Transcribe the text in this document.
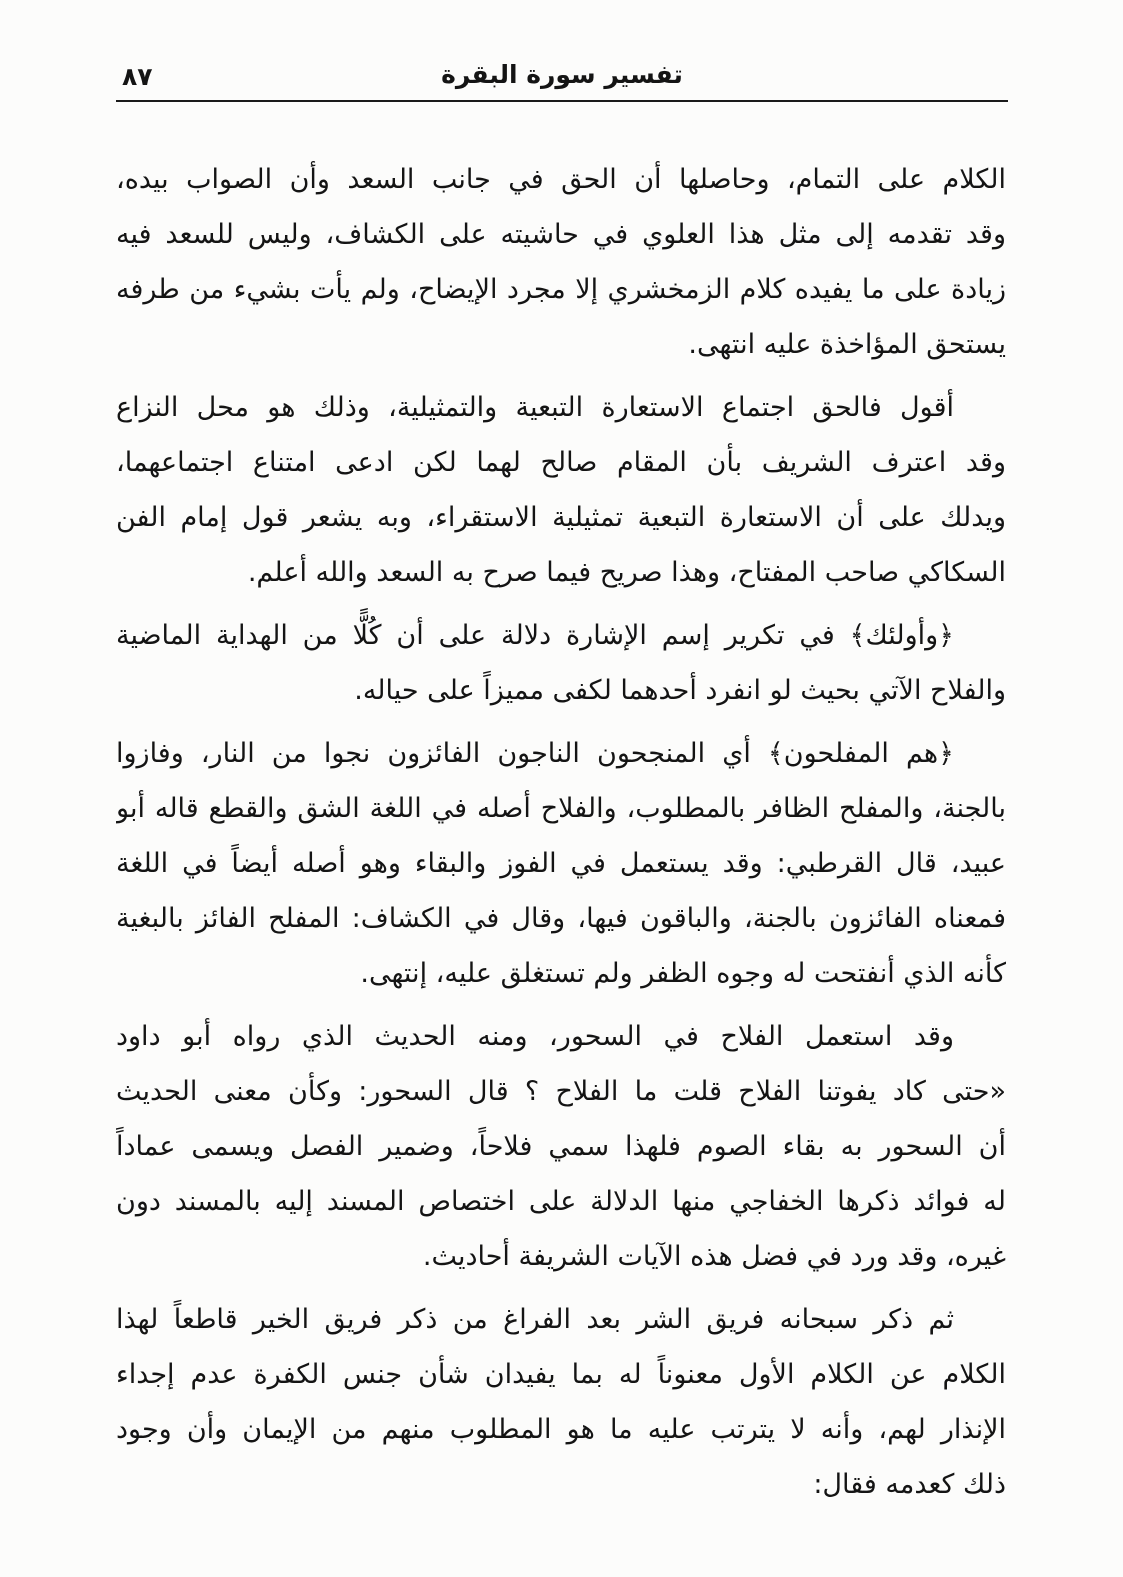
٨٧	تفسير سورة البقرة
الكلام على التمام، وحاصلها أن الحق في جانب السعد وأن الصواب بيده،
وقد تقدمه إلى مثل هذا العلوي في حاشيته على الكشاف، وليس للسعد فيه
زيادة على ما يفيده كلام الزمخشري إلا مجرد الإيضاح، ولم يأت بشيء من طرفه
يستحق المؤاخذة عليه انتهى.
أقول فالحق اجتماع الاستعارة التبعية والتمثيلية، وذلك هو محل النزاع
وقد اعترف الشريف بأن المقام صالح لهما لكن ادعى امتناع اجتماعهما،
ويدلك على أن الاستعارة التبعية تمثيلية الاستقراء، وبه يشعر قول إمام الفن
السكاكي صاحب المفتاح، وهذا صريح فيما صرح به السعد والله أعلم.
﴿وأولئك﴾ في تكرير إسم الإشارة دلالة على أن كُلًّا من الهداية الماضية
والفلاح الآتي بحيث لو انفرد أحدهما لكفى مميزاً على حياله.
﴿هم المفلحون﴾ أي المنجحون الناجون الفائزون نجوا من النار، وفازوا
بالجنة، والمفلح الظافر بالمطلوب، والفلاح أصله في اللغة الشق والقطع قاله أبو
عبيد، قال القرطبي: وقد يستعمل في الفوز والبقاء وهو أصله أيضاً في اللغة
فمعناه الفائزون بالجنة، والباقون فيها، وقال في الكشاف: المفلح الفائز بالبغية
كأنه الذي أنفتحت له وجوه الظفر ولم تستغلق عليه، إنتهى.
وقد استعمل الفلاح في السحور، ومنه الحديث الذي رواه أبو داود
«حتى كاد يفوتنا الفلاح قلت ما الفلاح ؟ قال السحور: وكأن معنى الحديث
أن السحور به بقاء الصوم فلهذا سمي فلاحاً، وضمير الفصل ويسمى عماداً
له فوائد ذكرها الخفاجي منها الدلالة على اختصاص المسند إليه بالمسند دون
غيره، وقد ورد في فضل هذه الآيات الشريفة أحاديث.
ثم ذكر سبحانه فريق الشر بعد الفراغ من ذكر فريق الخير قاطعاً لهذا
الكلام عن الكلام الأول معنوناً له بما يفيدان شأن جنس الكفرة عدم إجداء
الإنذار لهم، وأنه لا يترتب عليه ما هو المطلوب منهم من الإيمان وأن وجود
ذلك كعدمه فقال:
